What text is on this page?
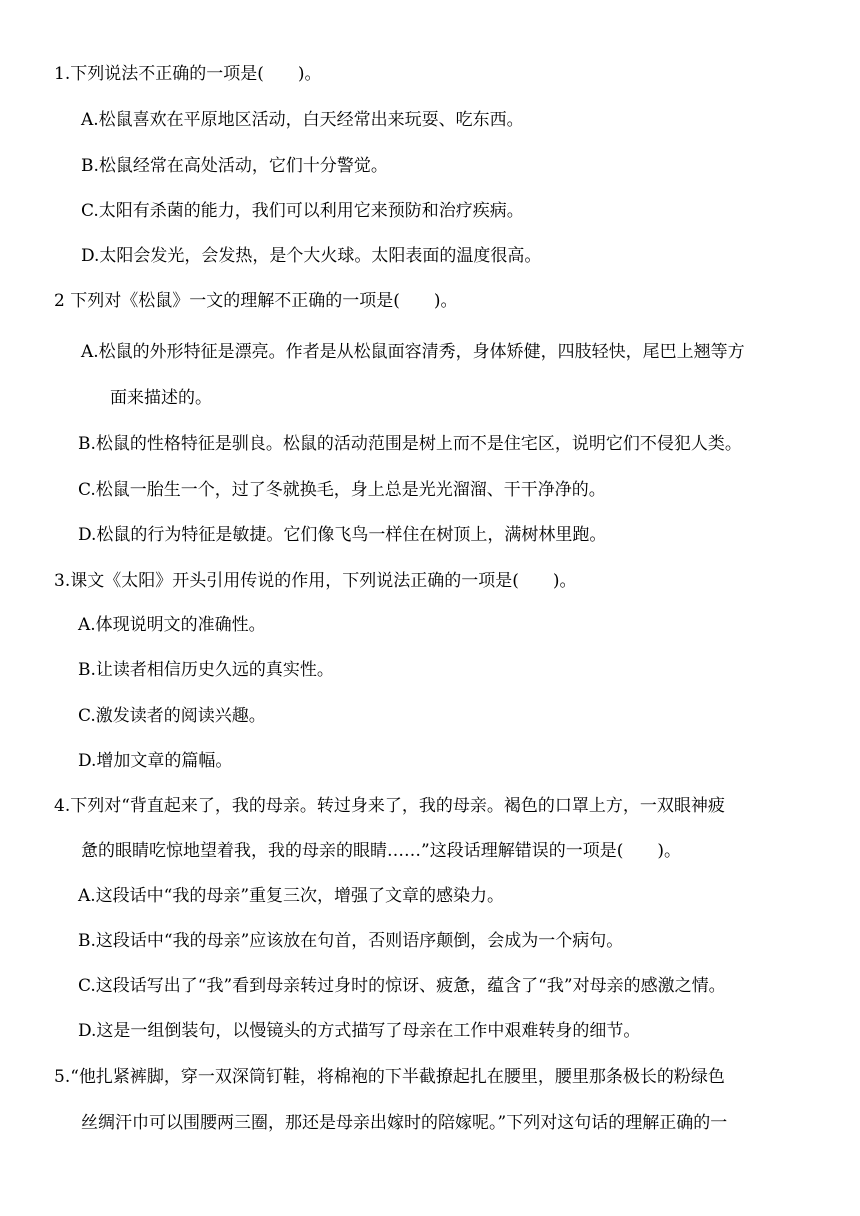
1.下列说法不正确的一项是(　　)。
A.松鼠喜欢在平原地区活动，白天经常出来玩耍、吃东西。
B.松鼠经常在高处活动，它们十分警觉。
C.太阳有杀菌的能力，我们可以利用它来预防和治疗疾病。
D.太阳会发光，会发热，是个大火球。太阳表面的温度很高。
2 下列对《松鼠》一文的理解不正确的一项是(　　)。
A.松鼠的外形特征是漂亮。作者是从松鼠面容清秀，身体矫健，四肢轻快，尾巴上翘等方
面来描述的。
B.松鼠的性格特征是驯良。松鼠的活动范围是树上而不是住宅区，说明它们不侵犯人类。
C.松鼠一胎生一个，过了冬就换毛，身上总是光光溜溜、干干净净的。
D.松鼠的行为特征是敏捷。它们像飞鸟一样住在树顶上，满树林里跑。
3.课文《太阳》开头引用传说的作用，下列说法正确的一项是(　　)。
A.体现说明文的准确性。
B.让读者相信历史久远的真实性。
C.激发读者的阅读兴趣。
D.增加文章的篇幅。
4.下列对“背直起来了，我的母亲。转过身来了，我的母亲。褐色的口罩上方，一双眼神疲
惫的眼睛吃惊地望着我，我的母亲的眼睛……”这段话理解错误的一项是(　　)。
A.这段话中“我的母亲”重复三次，增强了文章的感染力。
B.这段话中“我的母亲”应该放在句首，否则语序颠倒，会成为一个病句。
C.这段话写出了“我”看到母亲转过身时的惊讶、疲惫，蕴含了“我”对母亲的感激之情。
D.这是一组倒装句，以慢镜头的方式描写了母亲在工作中艰难转身的细节。
5.“他扎紧裤脚，穿一双深筒钉鞋，将棉袍的下半截撩起扎在腰里，腰里那条极长的粉绿色
丝绸汗巾可以围腰两三圈，那还是母亲出嫁时的陪嫁呢。”下列对这句话的理解正确的一
